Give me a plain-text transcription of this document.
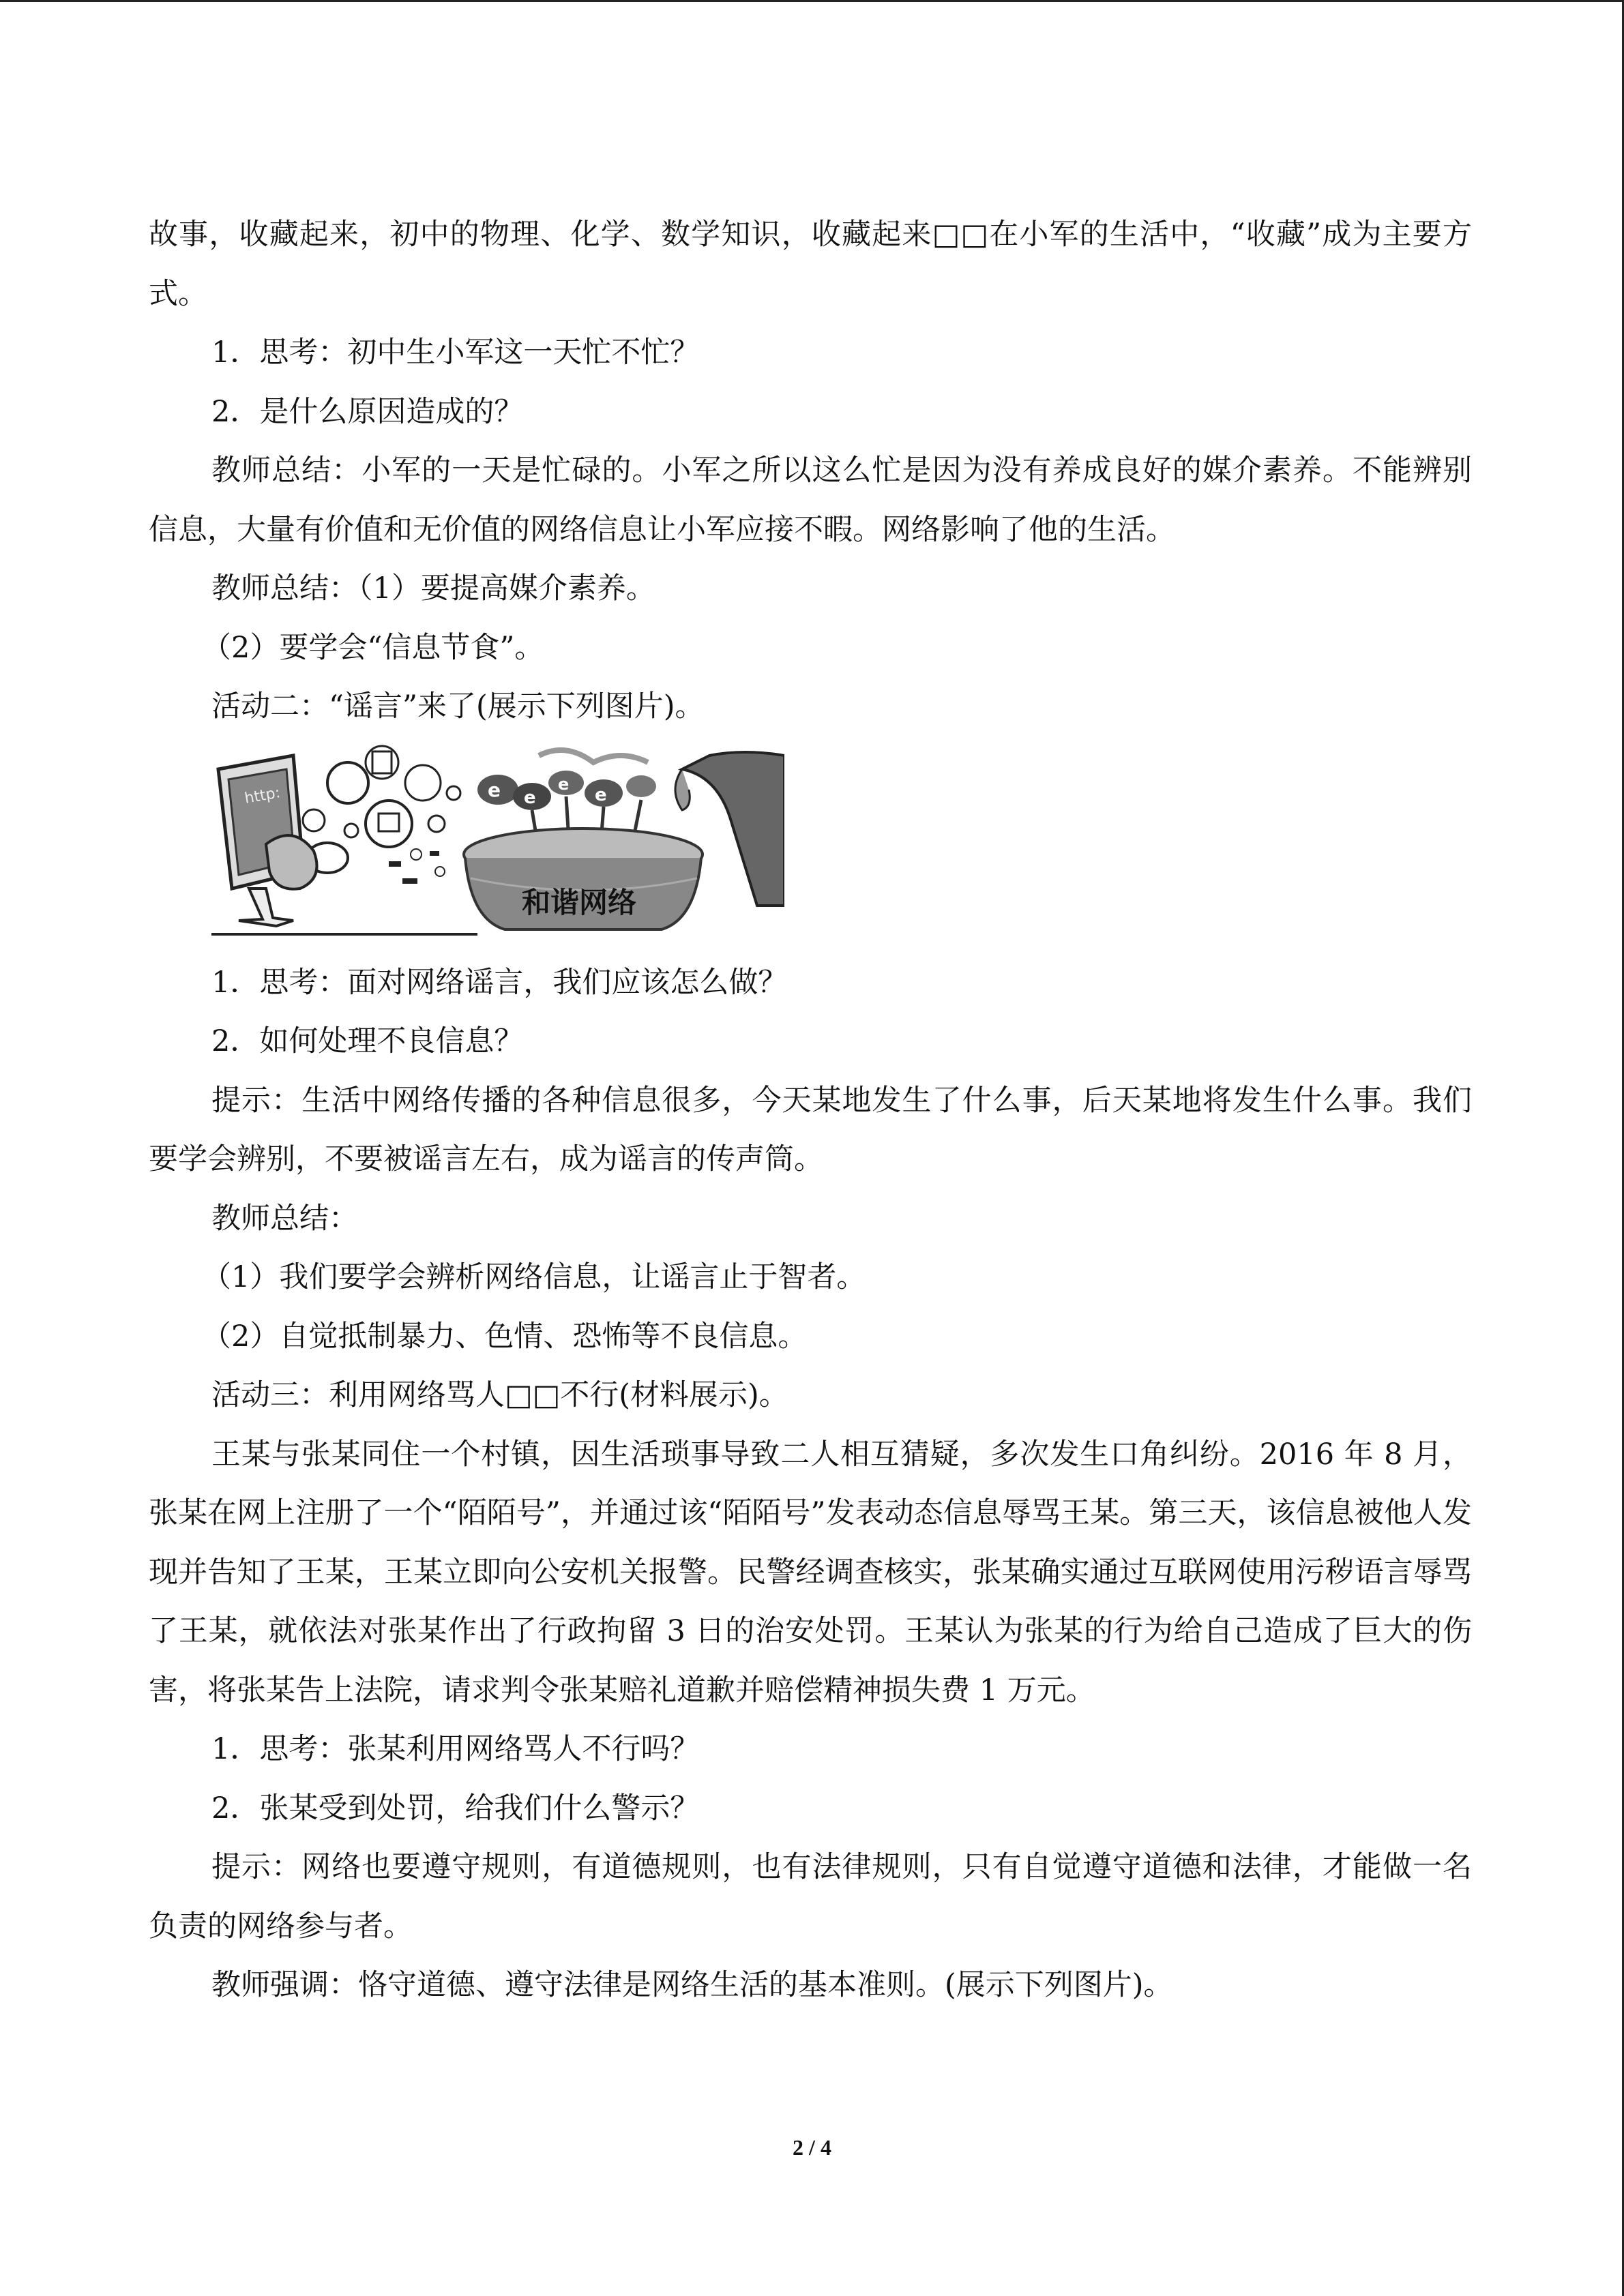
故事，收藏起来，初中的物理、化学、数学知识，收藏起来□□在小军的生活中，“收藏”成为主要方式。

1．思考：初中生小军这一天忙不忙？

2．是什么原因造成的？

教师总结：小军的一天是忙碌的。小军之所以这么忙是因为没有养成良好的媒介素养。不能辨别信息，大量有价值和无价值的网络信息让小军应接不暇。网络影响了他的生活。

教师总结：（1）要提高媒介素养。

（2）要学会“信息节食”。

活动二：“谣言”来了(展示下列图片)。

http:	e e
e
e
和谐网络

1．思考：面对网络谣言，我们应该怎么做？

2．如何处理不良信息？

提示：生活中网络传播的各种信息很多，今天某地发生了什么事，后天某地将发生什么事。我们要学会辨别，不要被谣言左右，成为谣言的传声筒。

教师总结：

（1）我们要学会辨析网络信息，让谣言止于智者。

（2）自觉抵制暴力、色情、恐怖等不良信息。

活动三：利用网络骂人□□不行(材料展示)。

王某与张某同住一个村镇，因生活琐事导致二人相互猜疑，多次发生口角纠纷。2016 年 8 月，张某在网上注册了一个“陌陌号”，并通过该“陌陌号”发表动态信息辱骂王某。第三天，该信息被他人发现并告知了王某，王某立即向公安机关报警。民警经调查核实，张某确实通过互联网使用污秽语言辱骂了王某，就依法对张某作出了行政拘留 3 日的治安处罚。王某认为张某的行为给自己造成了巨大的伤害，将张某告上法院，请求判令张某赔礼道歉并赔偿精神损失费 1 万元。

1．思考：张某利用网络骂人不行吗？

2．张某受到处罚，给我们什么警示？

提示：网络也要遵守规则，有道德规则，也有法律规则，只有自觉遵守道德和法律，才能做一名负责的网络参与者。

教师强调：恪守道德、遵守法律是网络生活的基本准则。(展示下列图片)。

2 / 4
